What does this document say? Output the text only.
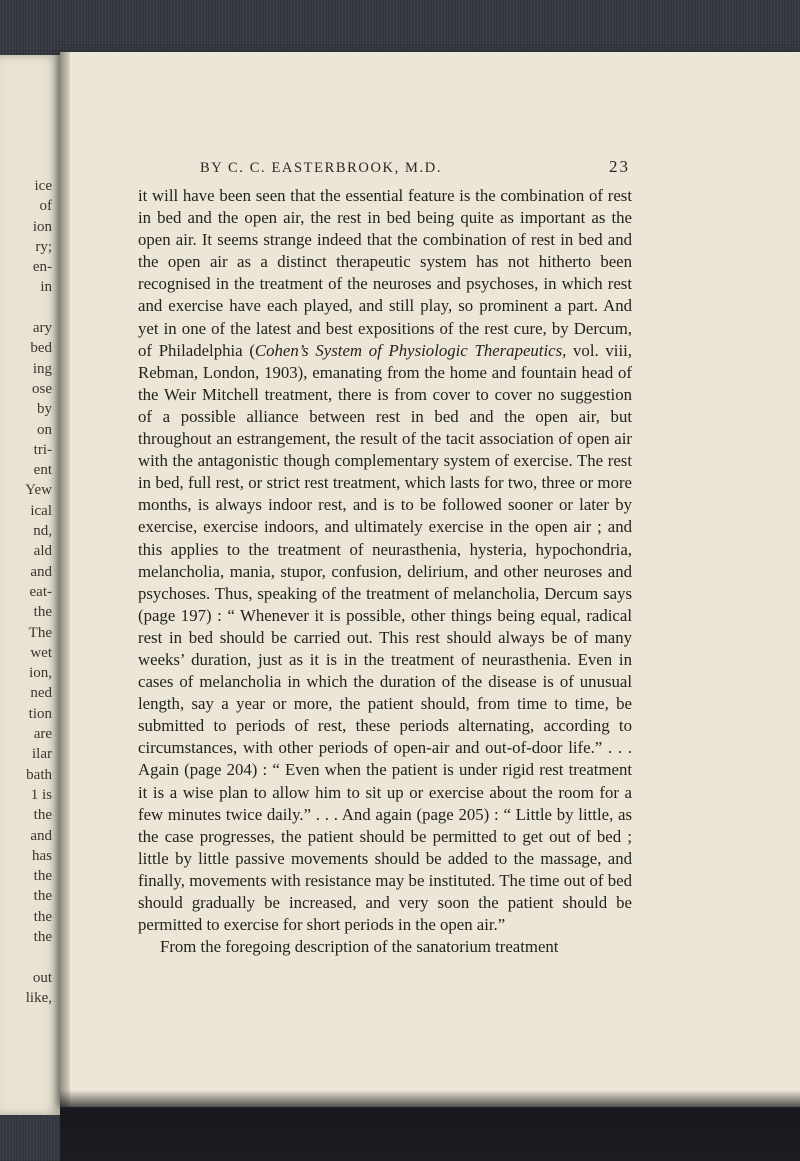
ice
of
ion
ry;
en-
in

ary
bed
ing
ose
by
on
tri-
ent
Yew
ical
nd,
ald
and
eat-
the
The
wet
ion,
ned
tion
are
ilar
bath
1 is
the
and
has
the
the
the
the

out
like,
BY C. C. EASTERBROOK, M.D.	23

it will have been seen that the essential feature is the combination of rest in bed and the open air, the rest in bed being quite as important as the open air. It seems strange indeed that the combination of rest in bed and the open air as a distinct therapeutic system has not hitherto been recognised in the treatment of the neuroses and psychoses, in which rest and exercise have each played, and still play, so prominent a part. And yet in one of the latest and best expositions of the rest cure, by Dercum, of Philadelphia (Cohen’s System of Physiologic Therapeutics, vol. viii, Rebman, London, 1903), emanating from the home and fountain head of the Weir Mitchell treatment, there is from cover to cover no suggestion of a possible alliance between rest in bed and the open air, but throughout an estrangement, the result of the tacit association of open air with the antagonistic though complementary system of exercise. The rest in bed, full rest, or strict rest treatment, which lasts for two, three or more months, is always indoor rest, and is to be followed sooner or later by exercise, exercise indoors, and ultimately exercise in the open air ; and this applies to the treatment of neurasthenia, hysteria, hypochondria, melancholia, mania, stupor, confusion, delirium, and other neuroses and psychoses. Thus, speaking of the treatment of melancholia, Dercum says (page 197) : “ Whenever it is possible, other things being equal, radical rest in bed should be carried out. This rest should always be of many weeks’ duration, just as it is in the treatment of neurasthenia. Even in cases of melancholia in which the duration of the disease is of unusual length, say a year or more, the patient should, from time to time, be submitted to periods of rest, these periods alternating, according to circumstances, with other periods of open-air and out-of-door life.” . . . Again (page 204) : “ Even when the patient is under rigid rest treatment it is a wise plan to allow him to sit up or exercise about the room for a few minutes twice daily.” . . . And again (page 205) : “ Little by little, as the case progresses, the patient should be permitted to get out of bed ; little by little passive movements should be added to the massage, and finally, movements with resistance may be instituted. The time out of bed should gradually be increased, and very soon the patient should be permitted to exercise for short periods in the open air.”

From the foregoing description of the sanatorium treatment
